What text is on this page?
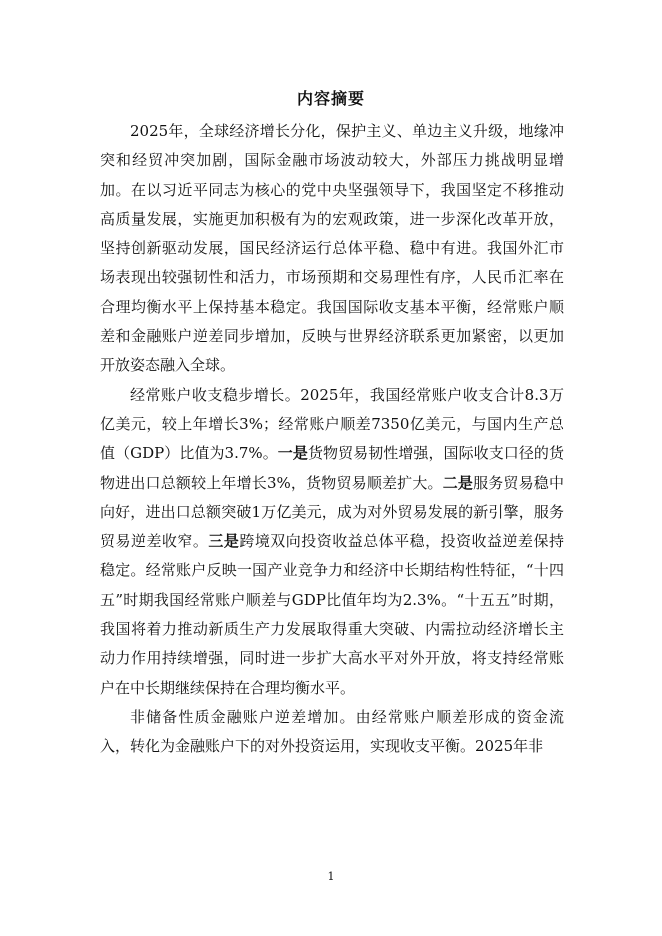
内容摘要

2025年，全球经济增长分化，保护主义、单边主义升级，地缘冲突和经贸冲突加剧，国际金融市场波动较大，外部压力挑战明显增加。在以习近平同志为核心的党中央坚强领导下，我国坚定不移推动高质量发展，实施更加积极有为的宏观政策，进一步深化改革开放，坚持创新驱动发展，国民经济运行总体平稳、稳中有进。我国外汇市场表现出较强韧性和活力，市场预期和交易理性有序，人民币汇率在合理均衡水平上保持基本稳定。我国国际收支基本平衡，经常账户顺差和金融账户逆差同步增加，反映与世界经济联系更加紧密，以更加开放姿态融入全球。

经常账户收支稳步增长。2025年，我国经常账户收支合计8.3万亿美元，较上年增长3%；经常账户顺差7350亿美元，与国内生产总值（GDP）比值为3.7%。一是货物贸易韧性增强，国际收支口径的货物进出口总额较上年增长3%，货物贸易顺差扩大。二是服务贸易稳中向好，进出口总额突破1万亿美元，成为对外贸易发展的新引擎，服务贸易逆差收窄。三是跨境双向投资收益总体平稳，投资收益逆差保持稳定。经常账户反映一国产业竞争力和经济中长期结构性特征，“十四五”时期我国经常账户顺差与GDP比值年均为2.3%。“十五五”时期，我国将着力推动新质生产力发展取得重大突破、内需拉动经济增长主动力作用持续增强，同时进一步扩大高水平对外开放，将支持经常账户在中长期继续保持在合理均衡水平。

非储备性质金融账户逆差增加。由经常账户顺差形成的资金流入，转化为金融账户下的对外投资运用，实现收支平衡。2025年非

1
